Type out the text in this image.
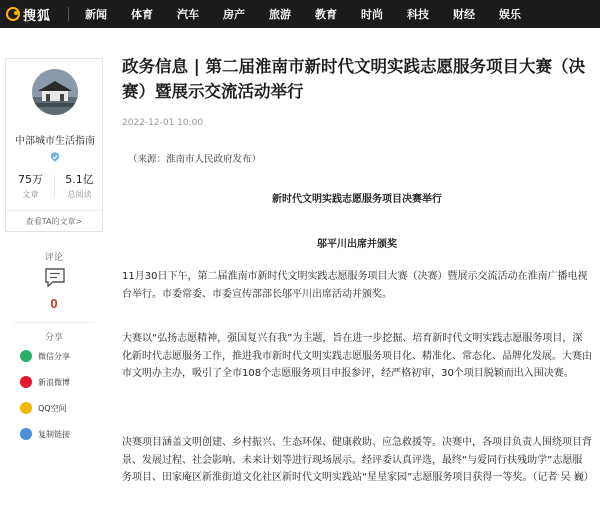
搜狐	新闻	体育	汽车	房产	旅游	教育	时尚	科技	财经	娱乐
中部城市生活指南
75万
文章
5.1亿
总阅读
查看TA的文章>
评论
0
分享
微信分享
新浪微博
QQ空间
复制链接
政务信息 | 第二届淮南市新时代文明实践志愿服务项目大赛（决赛）暨展示交流活动举行
2022-12-01 10:00
（来源：淮南市人民政府发布）
新时代文明实践志愿服务项目决赛举行
邬平川出席并颁奖

11月30日下午，第二届淮南市新时代文明实践志愿服务项目大赛（决赛）暨展示交流活动在淮南广播电视台举行。市委常委、市委宣传部部长邬平川出席活动并颁奖。

大赛以“弘扬志愿精神，强国复兴有我”为主题，旨在进一步挖掘、培育新时代文明实践志愿服务项目，深化新时代志愿服务工作，推进我市新时代文明实践志愿服务项目化、精准化、常态化、品牌化发展。大赛由市文明办主办，吸引了全市108个志愿服务项目申报参评，经严格初审，30个项目脱颖而出入围决赛。

决赛项目涵盖文明创建、乡村振兴、生态环保、健康救助、应急救援等。决赛中，各项目负责人围绕项目背景、发展过程、社会影响、未来计划等进行现场展示。经评委认真评选，最终“与爱同行扶残助学”志愿服务项目、田家庵区新淮街道文化社区新时代文明实践站“星星家园”志愿服务项目获得一等奖。（记者 吴 巍）
